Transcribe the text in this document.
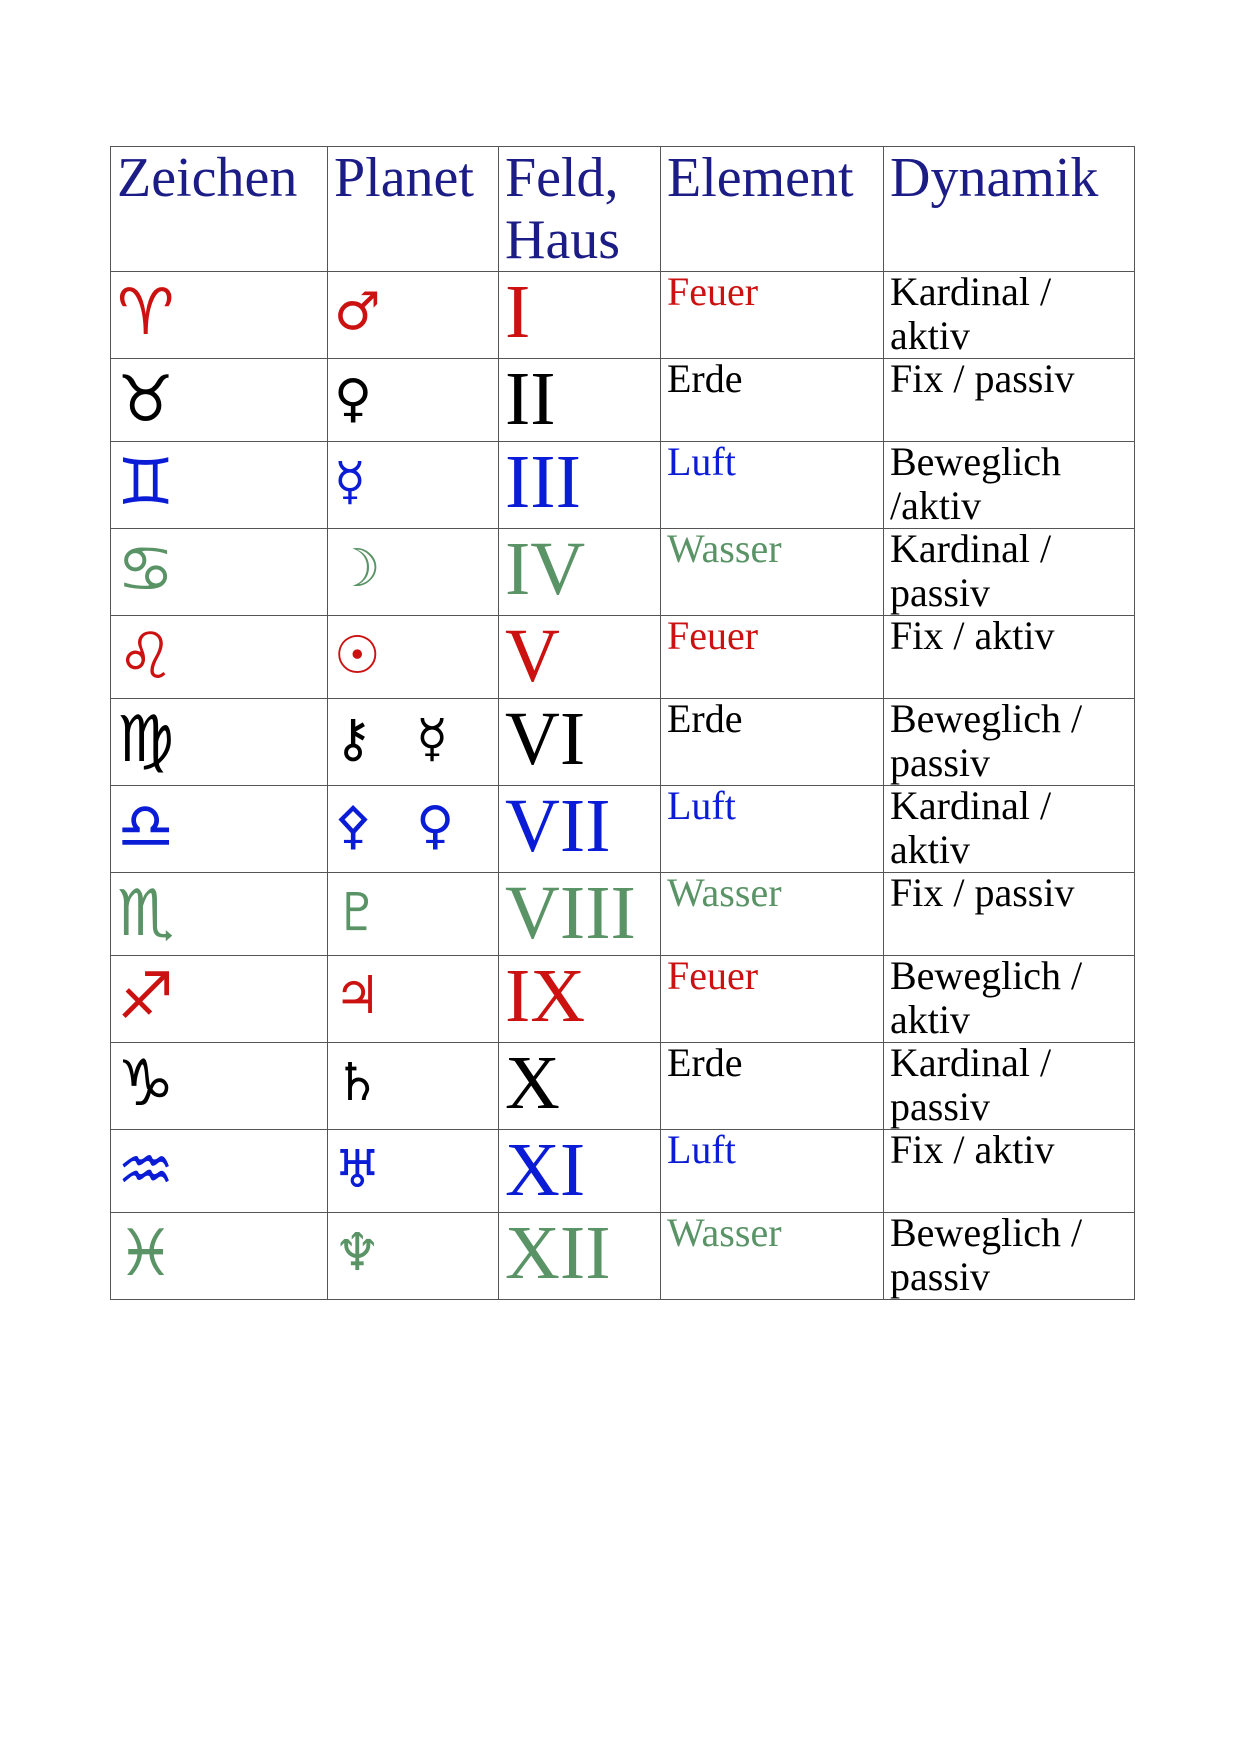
Zeichen	Planet	Feld, Haus	Element	Dynamik

♈	♂	I	Feuer	Kardinal / aktiv

♉	♀	II	Erde	Fix / passiv

♊	☿	III	Luft	Beweglich /aktiv

♋	☽	IV	Wasser	Kardinal / passiv

♌	☉	V	Feuer	Fix / aktiv

♍	⚷ ☿	VI	Erde	Beweglich / passiv

♎	⚴ ♀	VII	Luft	Kardinal / aktiv

♏	♇	VIII	Wasser	Fix / passiv

♐	♃	IX	Feuer	Beweglich / aktiv

♑	♄	X	Erde	Kardinal / passiv

♒	♅	XI	Luft	Fix / aktiv

♓	♆	XII	Wasser	Beweglich / passiv
